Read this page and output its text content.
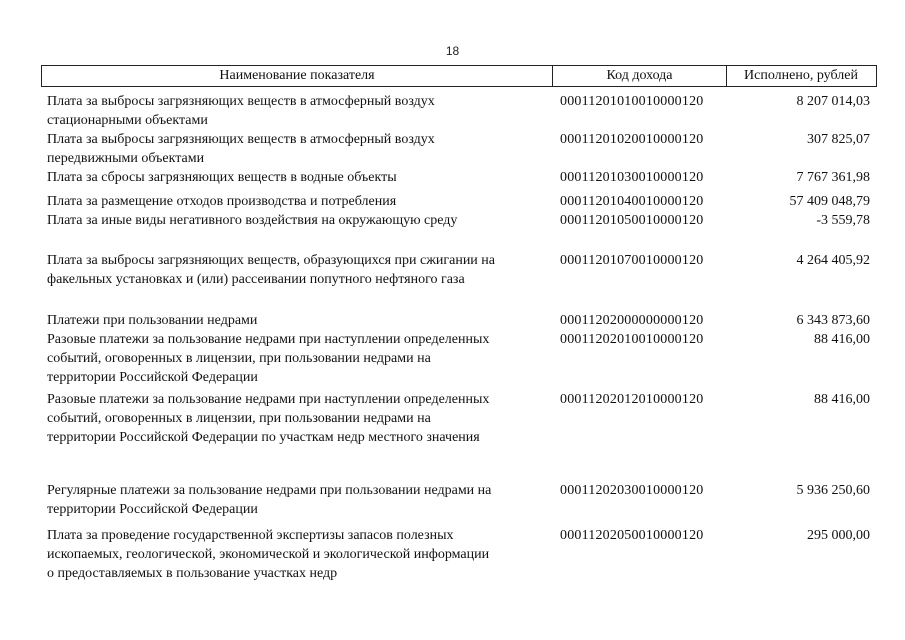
18
Наименование показателя	Код дохода	Исполнено, рублей
Плата за выбросы загрязняющих веществ в атмосферный воздух
стационарными объектами
00011201010010000120	8 207 014,03
Плата за выбросы загрязняющих веществ в атмосферный воздух
передвижными объектами
00011201020010000120	307 825,07
Плата за сбросы загрязняющих веществ в водные объекты	00011201030010000120	7 767 361,98
Плата за размещение отходов производства и потребления	00011201040010000120	57 409 048,79
Плата за иные виды негативного воздействия на окружающую среду	00011201050010000120	-3 559,78
Плата за выбросы загрязняющих веществ, образующихся при сжигании на
факельных установках и (или) рассеивании попутного нефтяного газа
00011201070010000120	4 264 405,92
Платежи при пользовании недрами	00011202000000000120	6 343 873,60
Разовые платежи за пользование недрами при наступлении определенных
событий, оговоренных в лицензии, при пользовании недрами на
территории Российской Федерации
00011202010010000120	88 416,00
Разовые платежи за пользование недрами при наступлении определенных
событий, оговоренных в лицензии, при пользовании недрами на
территории Российской Федерации по участкам недр местного значения
00011202012010000120	88 416,00
Регулярные платежи за пользование недрами при пользовании недрами на
территории Российской Федерации
00011202030010000120	5 936 250,60
Плата за проведение государственной экспертизы запасов полезных
ископаемых, геологической, экономической и экологической информации
о предоставляемых в пользование участках недр
00011202050010000120	295 000,00
